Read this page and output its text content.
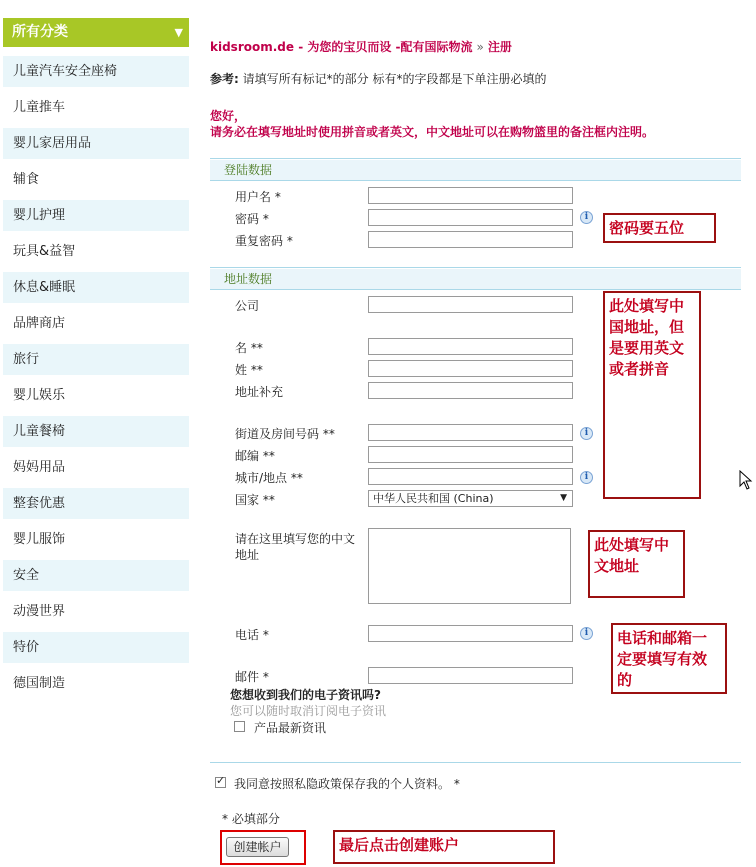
所有分类	▼
儿童汽车安全座椅
儿童推车
婴儿家居用品
辅食
婴儿护理
玩具&益智
休息&睡眠
品牌商店
旅行
婴儿娱乐
儿童餐椅
妈妈用品
整套优惠
婴儿服饰
安全
动漫世界
特价
德国制造
kidsroom.de - 为您的宝贝而设 -配有国际物流 » 注册
参考: 请填写所有标记*的部分 标有*的字段都是下单注册必填的
您好，
请务必在填写地址时使用拼音或者英文，中文地址可以在购物篮里的备注框内注明。
登陆数据
用户名 *
密码 *	i
重复密码 *
地址数据
公司
名 **
姓 **
地址补充
街道及房间号码 **	i
邮编 **
城市/地点 **	i
国家 **	中华人民共和国 (China)	▼
请在这里填写您的中文
地址
电话 *	i
邮件 *
您想收到我们的电子资讯吗?
您可以随时取消订阅电子资讯
产品最新资讯
✓
我同意按照私隐政策保存我的个人资料。 *
* 必填部分
创建帐户
密码要五位
此处填写中国地址，但是要用英文或者拼音
此处填写中文地址
电话和邮箱一定要填写有效的
最后点击创建账户
